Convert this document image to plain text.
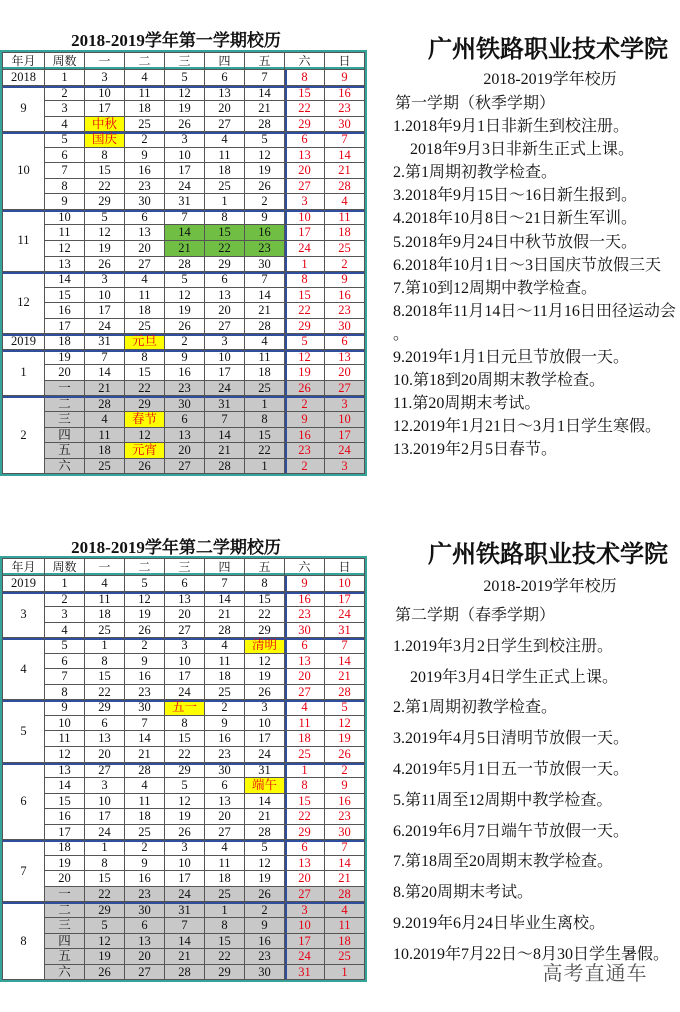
2018-2019学年第一学期校历
年月	周数	一	二	三	四	五	六	日
2018	1	3	4	5	6	7	8	9
9
2	10	11	12	13	14	15	16
3	17	18	19	20	21	22	23
4	中秋	25	26	27	28	29	30
10
5	国庆	2	3	4	5	6	7
6	8	9	10	11	12	13	14
7	15	16	17	18	19	20	21
8	22	23	24	25	26	27	28
9	29	30	31	1	2	3	4
11
10	5	6	7	8	9	10	11
11	12	13	14	15	16	17	18
12	19	20	21	22	23	24	25
13	26	27	28	29	30	1	2
12
14	3	4	5	6	7	8	9
15	10	11	12	13	14	15	16
16	17	18	19	20	21	22	23
17	24	25	26	27	28	29	30
2019	18	31	元旦	2	3	4	5	6
1
19	7	8	9	10	11	12	13
20	14	15	16	17	18	19	20
一	21	22	23	24	25	26	27
2
二	28	29	30	31	1	2	3
三	4	春节	6	7	8	9	10
四	11	12	13	14	15	16	17
五	18	元宵	20	21	22	23	24
六	25	26	27	28	1	2	3
广州铁路职业技术学院
2018-2019学年校历
第一学期（秋季学期）
1.2018年9月1日非新生到校注册。
2018年9月3日非新生正式上课。
2.第1周期初教学检查。
3.2018年9月15日～16日新生报到。
4.2018年10月8日～21日新生军训。
5.2018年9月24日中秋节放假一天。
6.2018年10月1日～3日国庆节放假三天
7.第10到12周期中教学检查。
8.2018年11月14日～11月16日田径运动会
。
9.2019年1月1日元旦节放假一天。
10.第18到20周期末教学检查。
11.第20周期末考试。
12.2019年1月21日～3月1日学生寒假。
13.2019年2月5日春节。
2018-2019学年第二学期校历
年月	周数	一	二	三	四	五	六	日
2019	1	4	5	6	7	8	9	10
3
2	11	12	13	14	15	16	17
3	18	19	20	21	22	23	24
4	25	26	27	28	29	30	31
4
5	1	2	3	4	清明	6	7
6	8	9	10	11	12	13	14
7	15	16	17	18	19	20	21
8	22	23	24	25	26	27	28
5
9	29	30	五一	2	3	4	5
10	6	7	8	9	10	11	12
11	13	14	15	16	17	18	19
12	20	21	22	23	24	25	26
6
13	27	28	29	30	31	1	2
14	3	4	5	6	端午	8	9
15	10	11	12	13	14	15	16
16	17	18	19	20	21	22	23
17	24	25	26	27	28	29	30
7
18	1	2	3	4	5	6	7
19	8	9	10	11	12	13	14
20	15	16	17	18	19	20	21
一	22	23	24	25	26	27	28
8
二	29	30	31	1	2	3	4
三	5	6	7	8	9	10	11
四	12	13	14	15	16	17	18
五	19	20	21	22	23	24	25
六	26	27	28	29	30	31	1
广州铁路职业技术学院
2018-2019学年校历
第二学期（春季学期）
1.2019年3月2日学生到校注册。
2019年3月4日学生正式上课。
2.第1周期初教学检查。
3.2019年4月5日清明节放假一天。
4.2019年5月1日五一节放假一天。
5.第11周至12周期中教学检查。
6.2019年6月7日端午节放假一天。
7.第18周至20周期末教学检查。
8.第20周期末考试。
9.2019年6月24日毕业生离校。
10.2019年7月22日～8月30日学生暑假。
高考直通车
